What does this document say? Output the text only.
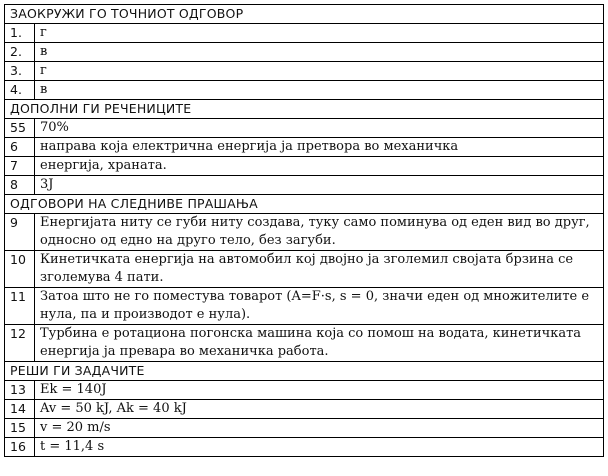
ЗАОКРУЖИ ГО ТОЧНИОТ ОДГОВОР	
1.	г
2.	в
3.	г
4.	в
ДОПОЛНИ ГИ РЕЧЕНИЦИТЕ	
55	70%
6	направа која електрична енергија ја претвора во механичка
7	енергија, храната.
8	3J
ОДГОВОРИ НА СЛЕДНИВЕ ПРАШАЊА	
9	Енергијата ниту се губи ниту создава, туку само поминува од еден вид во друг, односно од едно на друго тело, без загуби.
10	Кинетичката енергија на автомобил кој двојно ја зголемил својата брзина се зголемува 4 пати.
11	Затоа што не го поместува товарот (A=F·s, s = 0, значи еден од множителите е нула, па и производот е нула).
12	Турбина е ротациона погонска машина која со помош на водата, кинетичката енергија ја превара во механичка работа.
РЕШИ ГИ ЗАДАЧИТЕ	
13	Ek = 140J
14	Av = 50 kJ, Ak = 40 kJ
15	v = 20 m/s
16	t = 11,4 s
